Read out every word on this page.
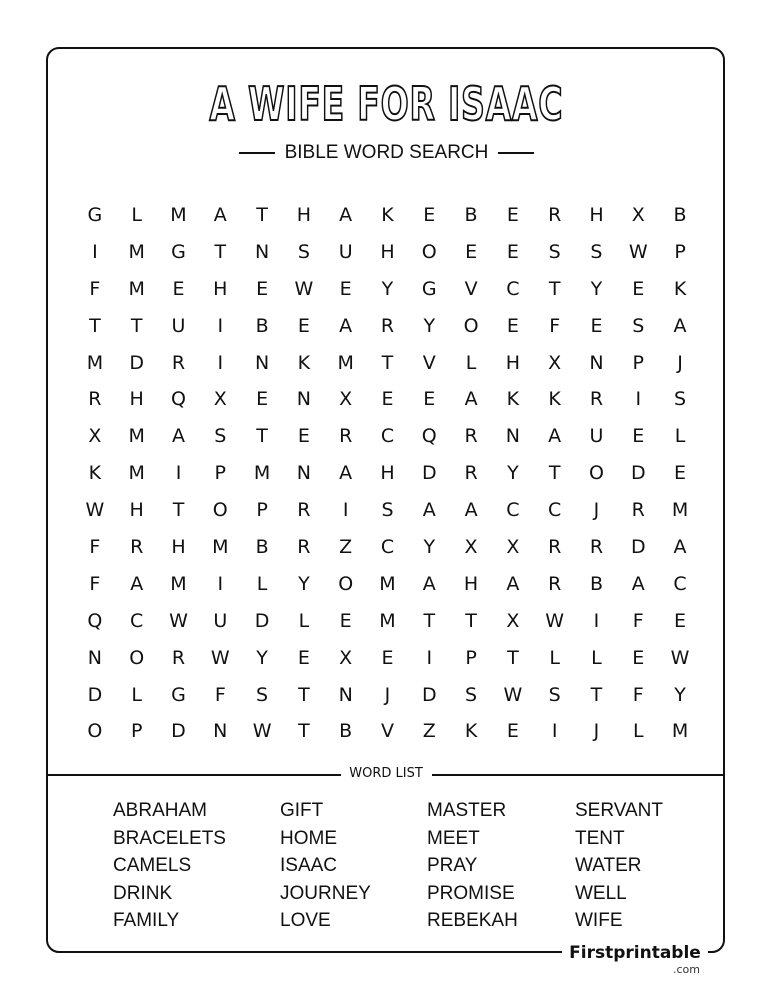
A WIFE FOR ISAAC
BIBLE WORD SEARCH
G	L	M	A	T	H	A	K	E	B	E	R	H	X	B
I	M	G	T	N	S	U	H	O	E	E	S	S	W	P
F	M	E	H	E	W	E	Y	G	V	C	T	Y	E	K
T	T	U	I	B	E	A	R	Y	O	E	F	E	S	A
M	D	R	I	N	K	M	T	V	L	H	X	N	P	J
R	H	Q	X	E	N	X	E	E	A	K	K	R	I	S
X	M	A	S	T	E	R	C	Q	R	N	A	U	E	L
K	M	I	P	M	N	A	H	D	R	Y	T	O	D	E
W	H	T	O	P	R	I	S	A	A	C	C	J	R	M
F	R	H	M	B	R	Z	C	Y	X	X	R	R	D	A
F	A	M	I	L	Y	O	M	A	H	A	R	B	A	C
Q	C	W	U	D	L	E	M	T	T	X	W	I	F	E
N	O	R	W	Y	E	X	E	I	P	T	L	L	E	W
D	L	G	F	S	T	N	J	D	S	W	S	T	F	Y
O	P	D	N	W	T	B	V	Z	K	E	I	J	L	M
WORD LIST
ABRAHAM	GIFT	MASTER	SERVANT
BRACELETS	HOME	MEET	TENT
CAMELS	ISAAC	PRAY	WATER
DRINK	JOURNEY	PROMISE	WELL
FAMILY	LOVE	REBEKAH	WIFE
Firstprintable
.com
